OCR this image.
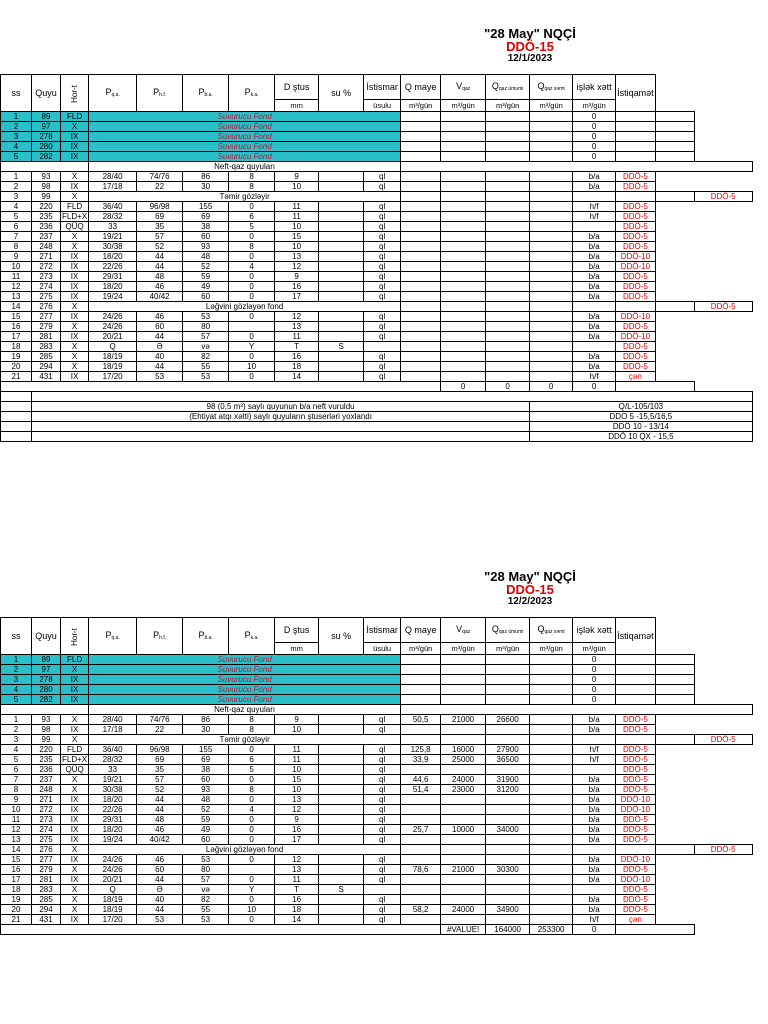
"28 May" NQÇİ
DDÖ-15
12/1/2023
ss	Quyu	Hor-t	$P_{q.a.}$	$P_{h.f.}$	$P_{b.a.}$	$P_{k.a.}$	D ştus	su %	İstismar	Q maye	$V_{qaz}$	$Q_{qaz ümumi}$	$Q_{qaz səmt}$	işlək xətt	İstiqamət		
							mm		üsulu	m³/gün	m³/gün	m³/gün	m³/gün	m³/gün			
1	89	FLD	Suvurucu Fond											0			
2	97	X	Suvurucu Fond											0			
3	278	IX	Suvurucu Fond											0			
4	280	IX	Suvurucu Fond											0			
5	282	IX	Suvurucu Fond											0			
			Neft-qaz quyuları														
1	93	X	28/40	74/76	86	8	9		ql					b/a	DDÖ-5		
2	98	IX	17/18	22	30	8	10		ql					b/a	DDÖ-5		
3	99	X	Təmir gözləyir														DDÖ-5
4	220	FLD	36/40	96/98	155	0	11		ql					h/f	DDÖ-5		
5	235	FLD+X	28/32	69	69	6	11		ql					h/f	DDÖ-5		
6	236	QÜQ	33	35	38	5	10		ql						DDÖ-5		
7	237	X	19/21	57	60	0	15		ql					b/a	DDÖ-5		
8	248	X	30/38	52	93	8	10		ql					b/a	DDÖ-5		
9	271	IX	18/20	44	48	0	13		ql					b/a	DDÖ-10		
10	272	IX	22/26	44	52	4	12		ql					b/a	DDÖ-10		
11	273	IX	29/31	48	59	0	9		ql					b/a	DDÖ-5		
12	274	IX	18/20	46	49	0	16		ql					b/a	DDÖ-5		
13	275	IX	19/24	40/42	60	0	17		ql					b/a	DDÖ-5		
14	276	X	Ləğvini gözləyən fond														DDÖ-5
15	277	IX	24/26	46	53	0	12		ql					b/a	DDÖ-10		
16	279	X	24/26	60	80		13		ql					b/a	DDÖ-5		
17	281	IX	20/21	44	57	0	11		ql					b/a	DDÖ-10		
18	283	X	Q	Ə	və	Y	T	S							DDÖ-5		
19	285	X	18/19	40	82	0	16		ql					b/a	DDÖ-5		
20	294	X	18/19	44	55	10	18		ql					b/a	DDÖ-5		
21	431	IX	17/20	53	53	0	14		ql					h/f	çən		
											0	0	0	0			

	98 (0,5 m³) saylı quyunun b/a neft vuruldu												Q/L-105/103				
	(Ehtiyat atqı xətti) saylı quyuların ştuserləri yoxlandı												DDO 5 -15,5/16,5				
													DDÖ 10 - 13/14				
													DDÖ 10 QX - 15,5				
"28 May" NQÇİ
DDÖ-15
12/2/2023
ss	Quyu	Hor-t	$P_{q.a.}$	$P_{h.f.}$	$P_{b.a.}$	$P_{k.a.}$	D ştus	su %	İstismar	Q maye	$V_{qaz}$	$Q_{qaz ümumi}$	$Q_{qaz səmt}$	işlək xətt	İstiqamət		
							mm		üsulu	m³/gün	m³/gün	m³/gün	m³/gün	m³/gün			
1	89	FLD	Suvurucu Fond											0			
2	97	X	Suvurucu Fond											0			
3	278	IX	Suvurucu Fond											0			
4	280	IX	Suvurucu Fond											0			
5	282	IX	Suvurucu Fond											0			
			Neft-qaz quyuları														
1	93	X	28/40	74/76	86	8	9		ql	50,5	21000	26600		b/a	DDÖ-5		
2	98	IX	17/18	22	30	8	10		ql					b/a	DDÖ-5		
3	99	X	Təmir gözləyir														DDÖ-5
4	220	FLD	36/40	96/98	155	0	11		ql	125,8	16000	27900		h/f	DDÖ-5		
5	235	FLD+X	28/32	69	69	6	11		ql	33,9	25000	36500		h/f	DDÖ-5		
6	236	QÜQ	33	35	38	5	10		ql						DDÖ-5		
7	237	X	19/21	57	60	0	15		ql	44,6	24000	31900		b/a	DDÖ-5		
8	248	X	30/38	52	93	8	10		ql	51,4	23000	31200		b/a	DDÖ-5		
9	271	IX	18/20	44	48	0	13		ql					b/a	DDÖ-10		
10	272	IX	22/26	44	52	4	12		ql					b/a	DDÖ-10		
11	273	IX	29/31	48	59	0	9		ql					b/a	DDÖ-5		
12	274	IX	18/20	46	49	0	16		ql	25,7	10000	34000		b/a	DDÖ-5		
13	275	IX	19/24	40/42	60	0	17		ql					b/a	DDÖ-5		
14	276	X	Ləğvini gözləyən fond														DDÖ-5
15	277	IX	24/26	46	53	0	12		ql					b/a	DDÖ-10		
16	279	X	24/26	60	80		13		ql	78,6	21000	30300		b/a	DDÖ-5		
17	281	IX	20/21	44	57	0	11		ql					b/a	DDÖ-10		
18	283	X	Q	Ə	və	Y	T	S							DDÖ-5		
19	285	X	18/19	40	82	0	16		ql					b/a	DDÖ-5		
20	294	X	18/19	44	55	10	18		ql	58,2	24000	34900		b/a	DDÖ-5		
21	431	IX	17/20	53	53	0	14		ql					h/f	çən		
											#VALUE!	164000	253300	0			
